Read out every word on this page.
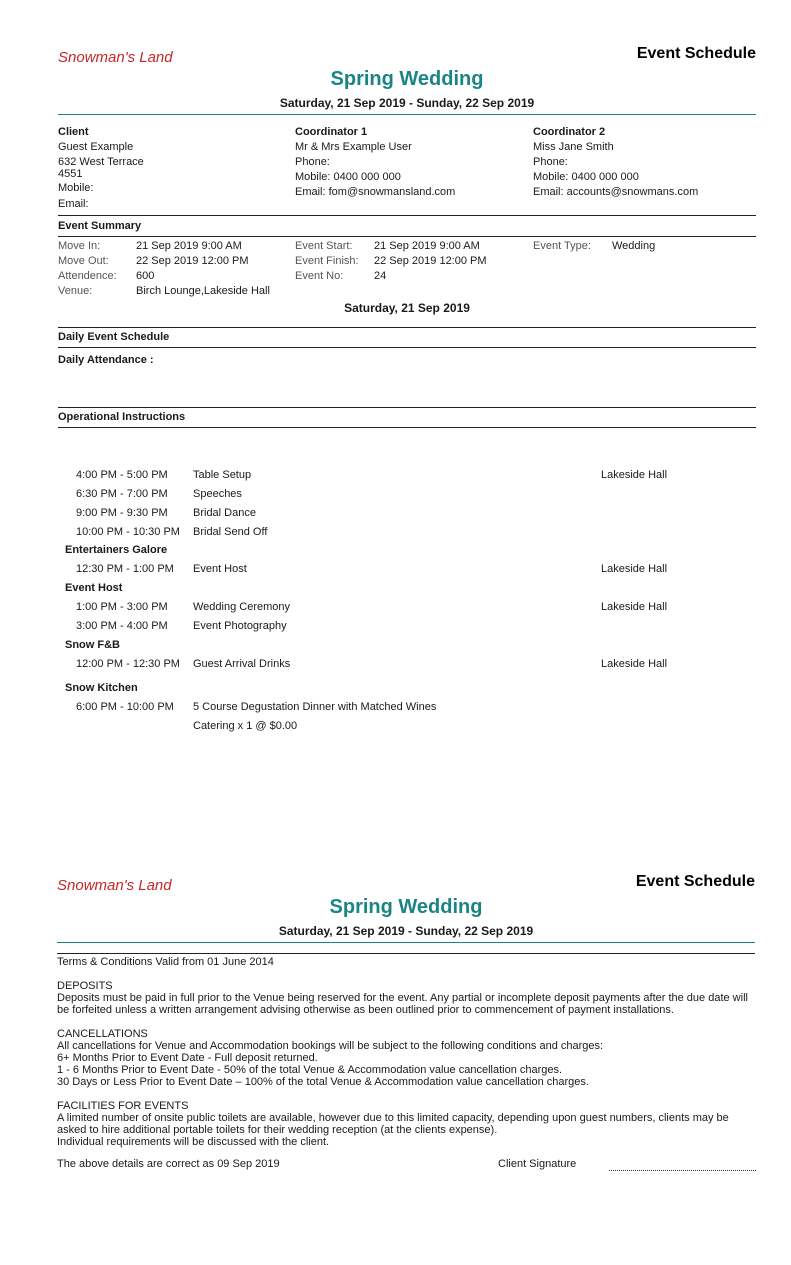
Snowman's Land	Event Schedule
Spring Wedding
Saturday, 21 Sep 2019 - Sunday, 22 Sep 2019
Client
Guest Example
632 West Terrace
4551
Mobile:
Email:
Coordinator 1
Mr & Mrs Example User
Phone:
Mobile: 0400 000 000
Email: fom@snowmansland.com
Coordinator 2
Miss Jane Smith
Phone:
Mobile: 0400 000 000
Email: accounts@snowmans.com
Event Summary
Move In:	21 Sep 2019 9:00 AM
Move Out: 22 Sep 2019 12:00 PM
Attendence: 600
Venue:	Birch Lounge,Lakeside Hall
Event Start: 21 Sep 2019 9:00 AM
Event Finish: 22 Sep 2019 12:00 PM
Event No:	24
Event Type: Wedding
Saturday, 21 Sep 2019
Daily Event Schedule
Daily Attendance :
Operational Instructions
4:00 PM - 5:00 PM Table Setup	Lakeside Hall
6:30 PM - 7:00 PM Speeches
9:00 PM - 9:30 PM Bridal Dance
10:00 PM - 10:30 PM Bridal Send Off
Entertainers Galore
12:30 PM - 1:00 PM Event Host	Lakeside Hall
Event Host
1:00 PM - 3:00 PM Wedding Ceremony	Lakeside Hall
3:00 PM - 4:00 PM Event Photography
Snow F&B
12:00 PM - 12:30 PM Guest Arrival Drinks	Lakeside Hall
Snow Kitchen
6:00 PM - 10:00 PM 5 Course Degustation Dinner with Matched Wines
Catering x 1 @ $0.00
Snowman's Land	Event Schedule
Spring Wedding
Saturday, 21 Sep 2019 - Sunday, 22 Sep 2019
Terms & Conditions Valid from 01 June 2014
DEPOSITS
Deposits must be paid in full prior to the Venue being reserved for the event. Any partial or incomplete deposit payments after the due date will be forfeited unless a written arrangement advising otherwise as been outlined prior to commencement of payment installations.
CANCELLATIONS
All cancellations for Venue and Accommodation bookings will be subject to the following conditions and charges:
6+ Months Prior to Event Date - Full deposit returned.
1 - 6 Months Prior to Event Date - 50% of the total Venue & Accommodation value cancellation charges.
30 Days or Less Prior to Event Date – 100% of the total Venue & Accommodation value cancellation charges.
FACILITIES FOR EVENTS
A limited number of onsite public toilets are available, however due to this limited capacity, depending upon guest numbers, clients may be asked to hire additional portable toilets for their wedding reception (at the clients expense).
Individual requirements will be discussed with the client.
The above details are correct as 09 Sep 2019	Client Signature
